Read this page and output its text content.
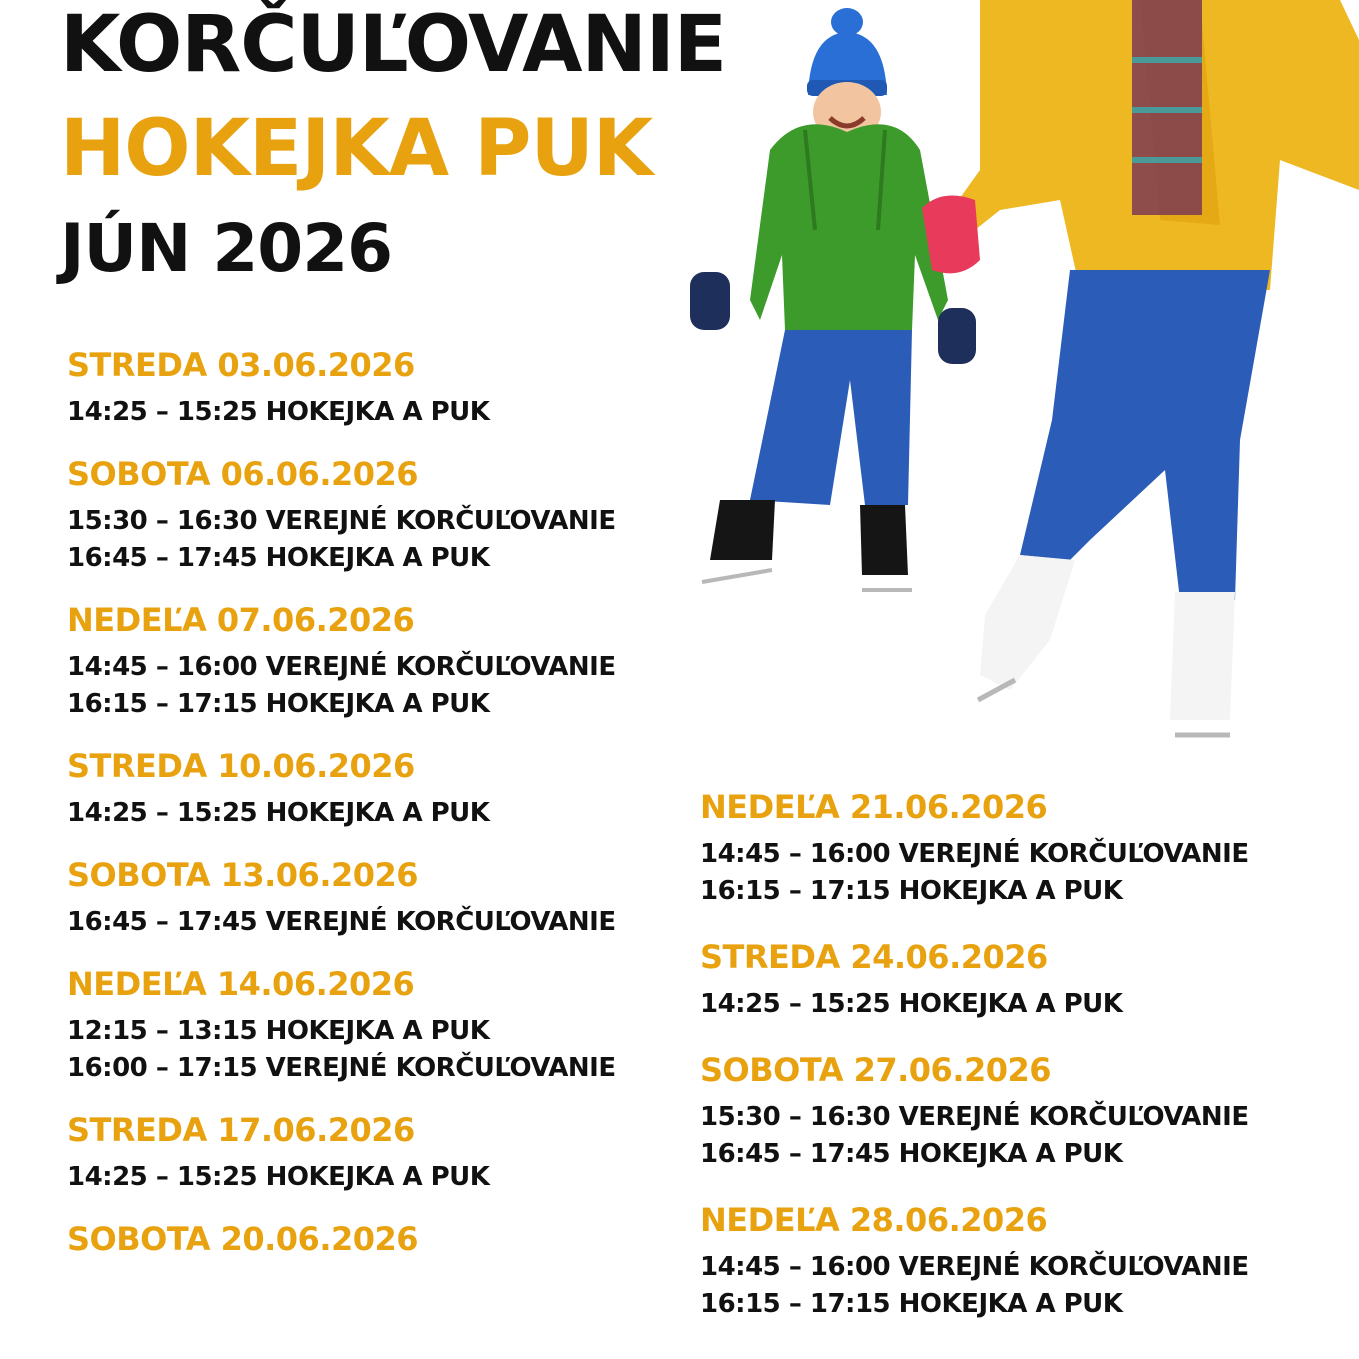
KORČUĽOVANIE
HOKEJKA PUK
JÚN 2026
STREDA 03.06.2026
14:25 – 15:25 HOKEJKA A PUK
SOBOTA 06.06.2026
15:30 – 16:30 VEREJNÉ KORČUĽOVANIE
16:45 – 17:45 HOKEJKA A PUK
NEDEĽA 07.06.2026
14:45 – 16:00 VEREJNÉ KORČUĽOVANIE
16:15 – 17:15 HOKEJKA A PUK
STREDA 10.06.2026
14:25 – 15:25 HOKEJKA A PUK
SOBOTA 13.06.2026
16:45 – 17:45 VEREJNÉ KORČUĽOVANIE
NEDEĽA 14.06.2026
12:15 – 13:15 HOKEJKA A PUK
16:00 – 17:15 VEREJNÉ KORČUĽOVANIE
STREDA 17.06.2026
14:25 – 15:25 HOKEJKA A PUK
SOBOTA 20.06.2026
NEDEĽA 21.06.2026
14:45 – 16:00 VEREJNÉ KORČUĽOVANIE
16:15 – 17:15 HOKEJKA A PUK
STREDA 24.06.2026
14:25 – 15:25 HOKEJKA A PUK
SOBOTA 27.06.2026
15:30 – 16:30 VEREJNÉ KORČUĽOVANIE
16:45 – 17:45 HOKEJKA A PUK
NEDEĽA 28.06.2026
14:45 – 16:00 VEREJNÉ KORČUĽOVANIE
16:15 – 17:15 HOKEJKA A PUK
